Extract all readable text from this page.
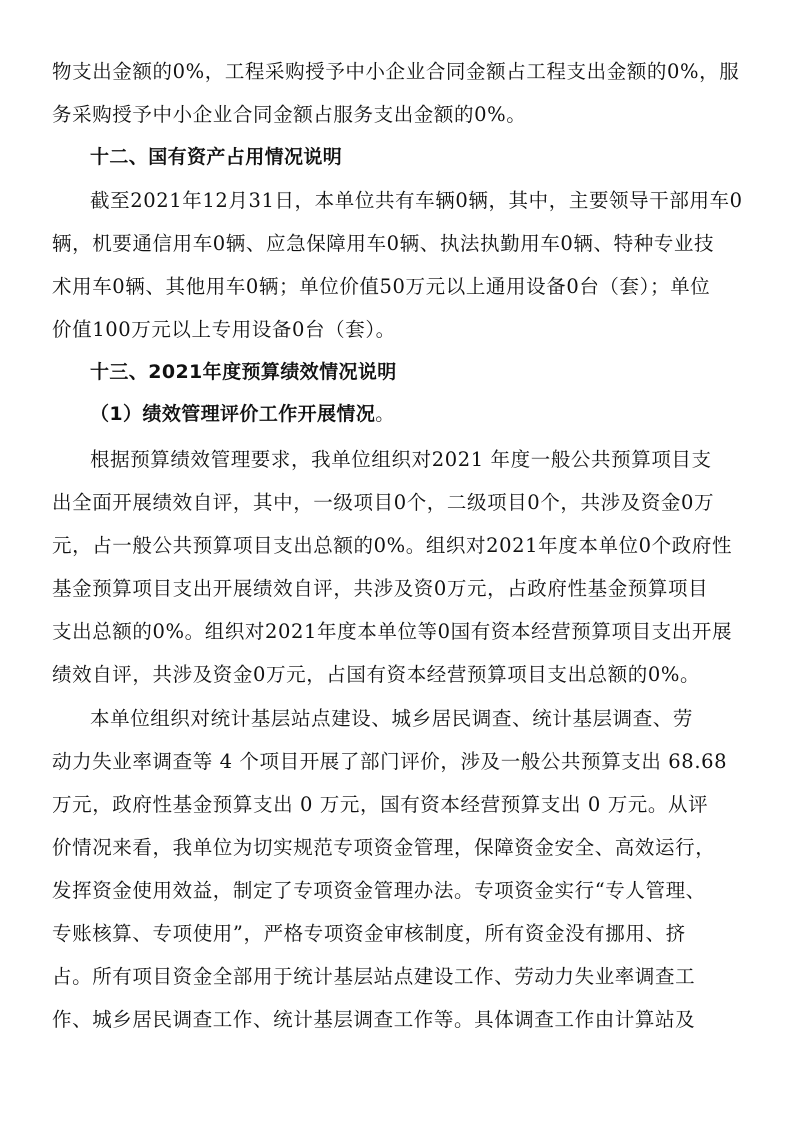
物支出金额的0%，工程采购授予中小企业合同金额占工程支出金额的0%，服
务采购授予中小企业合同金额占服务支出金额的0%。
十二、国有资产占用情况说明
截至2021年12月31日，本单位共有车辆0辆，其中，主要领导干部用车0
辆，机要通信用车0辆、应急保障用车0辆、执法执勤用车0辆、特种专业技
术用车0辆、其他用车0辆；单位价值50万元以上通用设备0台（套）；单位
价值100万元以上专用设备0台（套）。
十三、2021年度预算绩效情况说明
（1）绩效管理评价工作开展情况。
根据预算绩效管理要求，我单位组织对2021 年度一般公共预算项目支
出全面开展绩效自评，其中，一级项目0个，二级项目0个，共涉及资金0万
元，占一般公共预算项目支出总额的0%。组织对2021年度本单位0个政府性
基金预算项目支出开展绩效自评，共涉及资0万元，占政府性基金预算项目
支出总额的0%。组织对2021年度本单位等0国有资本经营预算项目支出开展
绩效自评，共涉及资金0万元，占国有资本经营预算项目支出总额的0%。
本单位组织对统计基层站点建设、城乡居民调查、统计基层调查、劳
动力失业率调查等 4 个项目开展了部门评价，涉及一般公共预算支出 68.68
万元，政府性基金预算支出 0 万元，国有资本经营预算支出 0 万元。从评
价情况来看，我单位为切实规范专项资金管理，保障资金安全、高效运行，
发挥资金使用效益，制定了专项资金管理办法。专项资金实行“专人管理、
专账核算、专项使用”，严格专项资金审核制度，所有资金没有挪用、挤
占。所有项目资金全部用于统计基层站点建设工作、劳动力失业率调查工
作、城乡居民调查工作、统计基层调查工作等。具体调查工作由计算站及
